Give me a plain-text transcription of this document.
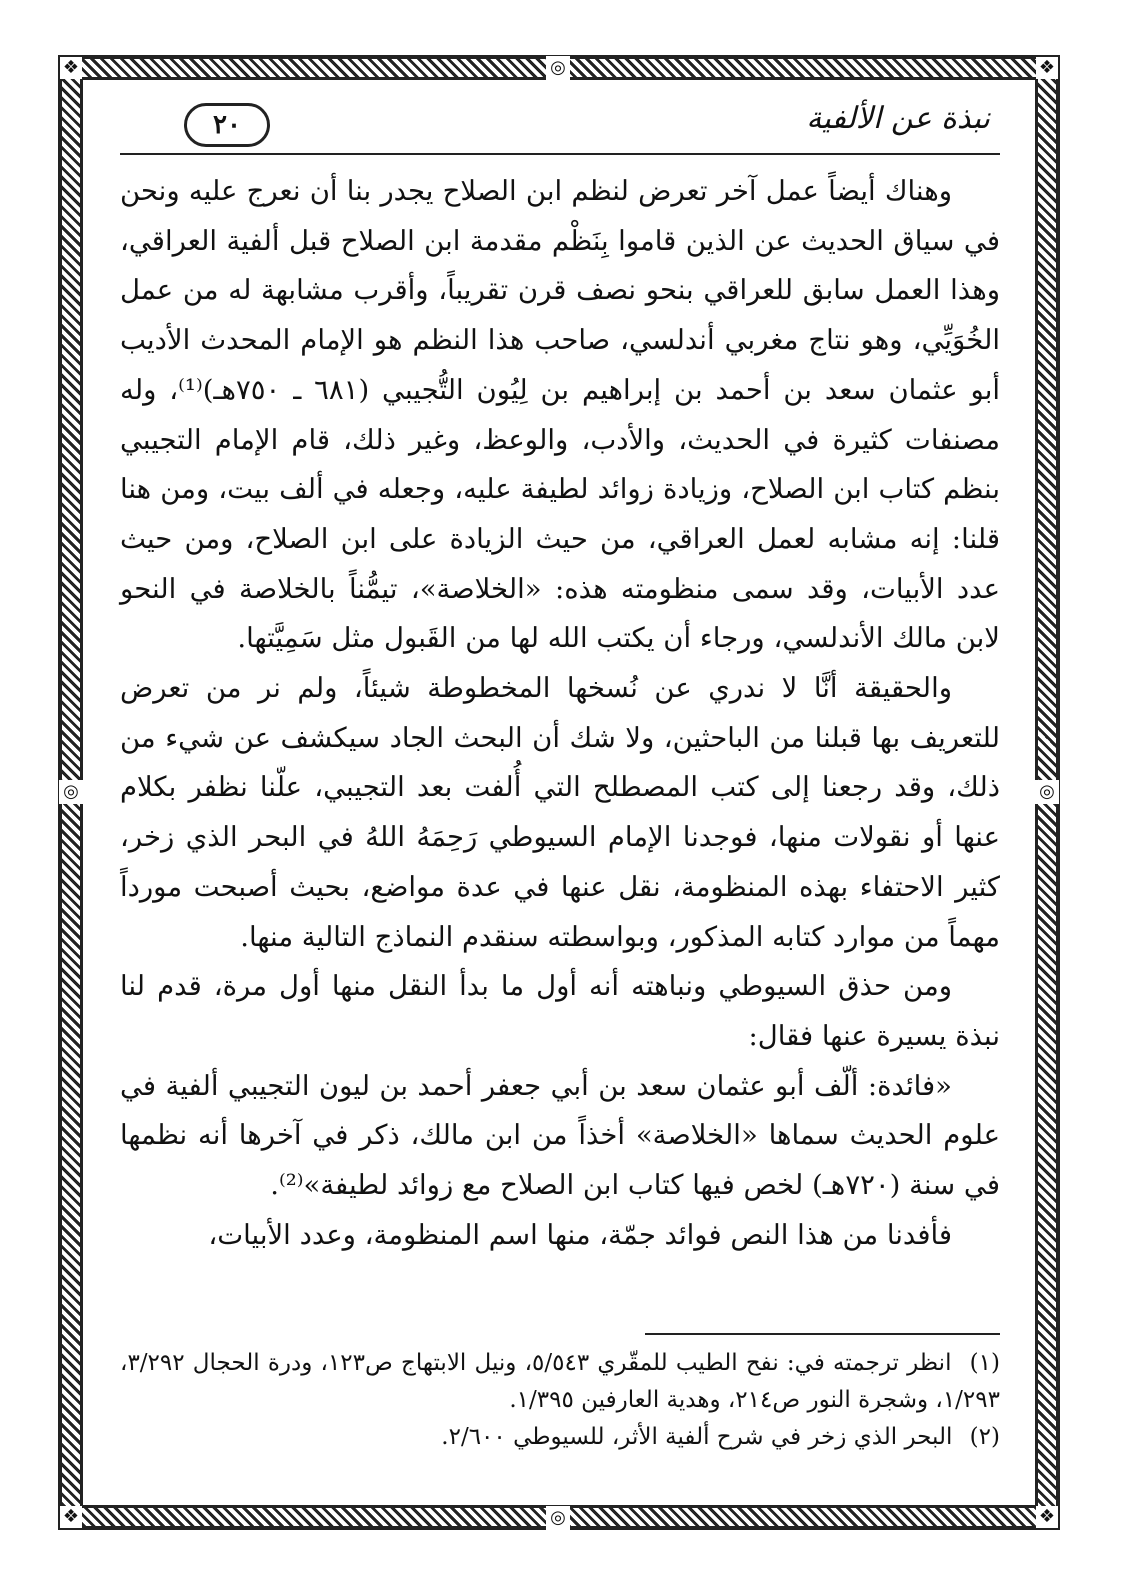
❖	❖
❖	❖
◎
◎
◎	◎
نبذة عن الألفية
٢٠

وهناك أيضاً عمل آخر تعرض لنظم ابن الصلاح يجدر بنا أن نعرج عليه ونحن في سياق الحديث عن الذين قاموا بِنَظْم مقدمة ابن الصلاح قبل ألفية العراقي، وهذا العمل سابق للعراقي بنحو نصف قرن تقريباً، وأقرب مشابهة له من عمل الخُوَيِّي، وهو نتاج مغربي أندلسي، صاحب هذا النظم هو الإمام المحدث الأديب أبو عثمان سعد بن أحمد بن إبراهيم بن لِيُون التُّجيبي (٦٨١ ـ ٧٥٠هـ)⁽¹⁾، وله مصنفات كثيرة في الحديث، والأدب، والوعظ، وغير ذلك، قام الإمام التجيبي بنظم كتاب ابن الصلاح، وزيادة زوائد لطيفة عليه، وجعله في ألف بيت، ومن هنا قلنا: إنه مشابه لعمل العراقي، من حيث الزيادة على ابن الصلاح، ومن حيث عدد الأبيات، وقد سمى منظومته هذه: «الخلاصة»، تيمُّناً بالخلاصة في النحو لابن مالك الأندلسي، ورجاء أن يكتب الله لها من القَبول مثل سَمِيَّتها.

والحقيقة أنَّا لا ندري عن نُسخها المخطوطة شيئاً، ولم نر من تعرض للتعريف بها قبلنا من الباحثين، ولا شك أن البحث الجاد سيكشف عن شيء من ذلك، وقد رجعنا إلى كتب المصطلح التي أُلفت بعد التجيبي، علّنا نظفر بكلام عنها أو نقولات منها، فوجدنا الإمام السيوطي رَحِمَهُ اللهُ في البحر الذي زخر، كثير الاحتفاء بهذه المنظومة، نقل عنها في عدة مواضع، بحيث أصبحت مورداً مهماً من موارد كتابه المذكور، وبواسطته سنقدم النماذج التالية منها.

ومن حذق السيوطي ونباهته أنه أول ما بدأ النقل منها أول مرة، قدم لنا نبذة يسيرة عنها فقال:

«فائدة: ألّف أبو عثمان سعد بن أبي جعفر أحمد بن ليون التجيبي ألفية في علوم الحديث سماها «الخلاصة» أخذاً من ابن مالك، ذكر في آخرها أنه نظمها في سنة (٧٢٠هـ) لخص فيها كتاب ابن الصلاح مع زوائد لطيفة»⁽²⁾.

فأفدنا من هذا النص فوائد جمّة، منها اسم المنظومة، وعدد الأبيات،

(١) انظر ترجمته في: نفح الطيب للمقّري ٥/٥٤٣، ونيل الابتهاج ص١٢٣، ودرة الحجال ٣/٢٩٢، ١/٢٩٣، وشجرة النور ص٢١٤، وهدية العارفين ١/٣٩٥.

(٢) البحر الذي زخر في شرح ألفية الأثر، للسيوطي ٢/٦٠٠.
